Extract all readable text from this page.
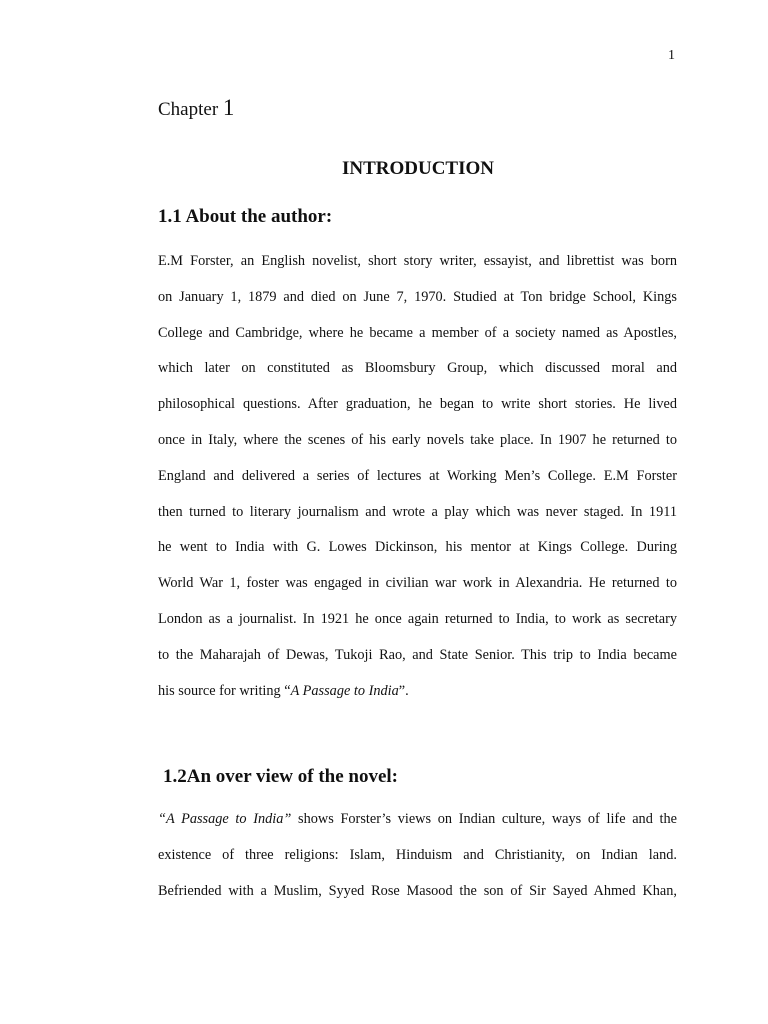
1
Chapter 1
INTRODUCTION
1.1 About the author:
E.M Forster, an English novelist, short story writer, essayist, and librettist was born
on January 1, 1879 and died on June 7, 1970. Studied at Ton bridge School, Kings
College and Cambridge, where he became a member of a society named as Apostles,
which later on constituted as Bloomsbury Group, which discussed moral and
philosophical questions. After graduation, he began to write short stories. He lived
once in Italy, where the scenes of his early novels take place. In 1907 he returned to
England and delivered a series of lectures at Working Men’s College. E.M Forster
then turned to literary journalism and wrote a play which was never staged. In 1911
he went to India with G. Lowes Dickinson, his mentor at Kings College. During
World War 1, foster was engaged in civilian war work in Alexandria. He returned to
London as a journalist. In 1921 he once again returned to India, to work as secretary
to the Maharajah of Dewas, Tukoji Rao, and State Senior. This trip to India became
his source for writing “A Passage to India”.
1.2An over view of the novel:
“A Passage to India” shows Forster’s views on Indian culture, ways of life and the
existence of three religions: Islam, Hinduism and Christianity, on Indian land.
Befriended with a Muslim, Syyed Rose Masood the son of Sir Sayed Ahmed Khan,
